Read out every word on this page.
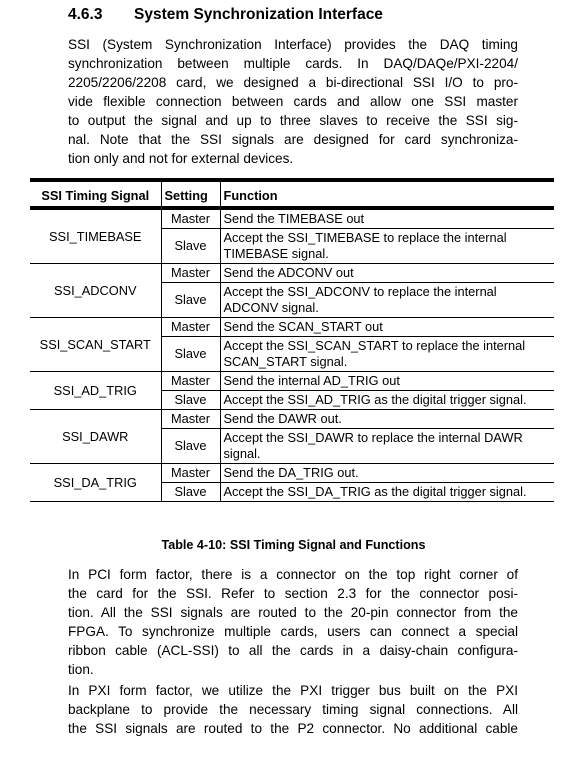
4.6.3 System Synchronization Interface
SSI (System Synchronization Interface) provides the DAQ timing
synchronization between multiple cards. In DAQ/DAQe/PXI-2204/
2205/2206/2208 card, we designed a bi-directional SSI I/O to pro-
vide flexible connection between cards and allow one SSI master
to output the signal and up to three slaves to receive the SSI sig-
nal. Note that the SSI signals are designed for card synchroniza-
tion only and not for external devices.
SSI Timing Signal	Setting	Function
SSI_TIMEBASE	Master	Send the TIMEBASE out
	Slave	Accept the SSI_TIMEBASE to replace the internal
TIMEBASE signal.
SSI_ADCONV	Master	Send the ADCONV out
	Slave	Accept the SSI_ADCONV to replace the internal
ADCONV signal.
SSI_SCAN_START	Master	Send the SCAN_START out
	Slave	Accept the SSI_SCAN_START to replace the internal
SCAN_START signal.
SSI_AD_TRIG	Master	Send the internal AD_TRIG out
	Slave	Accept the SSI_AD_TRIG as the digital trigger signal.
SSI_DAWR	Master	Send the DAWR out.
	Slave	Accept the SSI_DAWR to replace the internal DAWR
signal.
SSI_DA_TRIG	Master	Send the DA_TRIG out.
	Slave	Accept the SSI_DA_TRIG as the digital trigger signal.
Table 4-10: SSI Timing Signal and Functions
In PCI form factor, there is a connector on the top right corner of
the card for the SSI. Refer to section 2.3 for the connector posi-
tion. All the SSI signals are routed to the 20-pin connector from the
FPGA. To synchronize multiple cards, users can connect a special
ribbon cable (ACL-SSI) to all the cards in a daisy-chain configura-
tion.
In PXI form factor, we utilize the PXI trigger bus built on the PXI
backplane to provide the necessary timing signal connections. All
the SSI signals are routed to the P2 connector. No additional cable
